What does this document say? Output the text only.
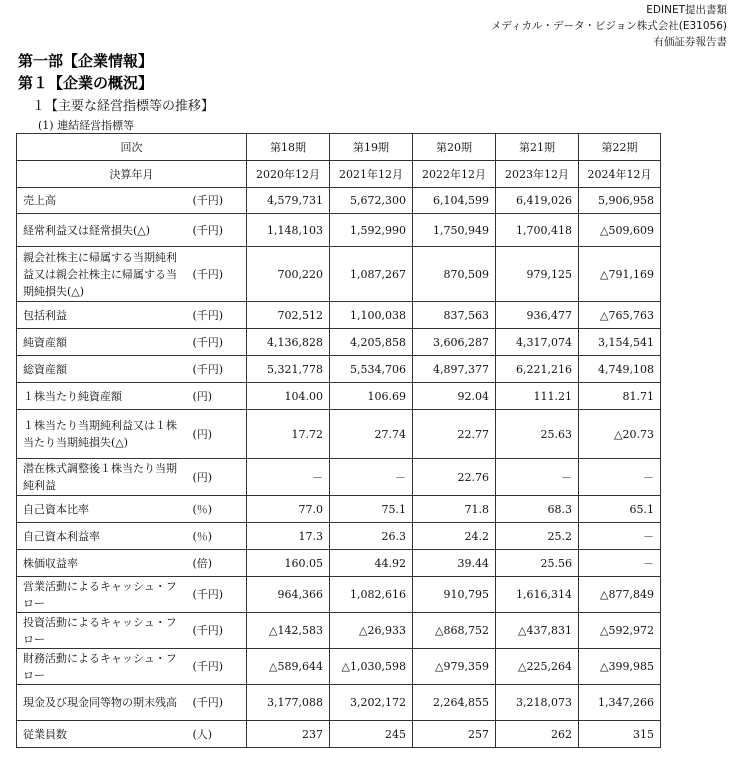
EDINET提出書類
メディカル・データ・ビジョン株式会社(E31056)
有価証券報告書
第一部【企業情報】
第１【企業の概況】
１【主要な経営指標等の推移】
(1) 連結経営指標等
回次		第18期	第19期	第20期	第21期	第22期
決算年月		2020年12月	2021年12月	2022年12月	2023年12月	2024年12月
売上高	(千円)	4,579,731	5,672,300	6,104,599	6,419,026	5,906,958
経常利益又は経常損失(△)	(千円)	1,148,103	1,592,990	1,750,949	1,700,418	△509,609
親会社株主に帰属する当期純利益又は親会社株主に帰属する当期純損失(△)	(千円)	700,220	1,087,267	870,509	979,125	△791,169
包括利益	(千円)	702,512	1,100,038	837,563	936,477	△765,763
純資産額	(千円)	4,136,828	4,205,858	3,606,287	4,317,074	3,154,541
総資産額	(千円)	5,321,778	5,534,706	4,897,377	6,221,216	4,749,108
１株当たり純資産額	(円)	104.00	106.69	92.04	111.21	81.71
１株当たり当期純利益又は１株当たり当期純損失(△)	(円)	17.72	27.74	22.77	25.63	△20.73
潜在株式調整後１株当たり当期純利益	(円)	－	－	22.76	－	－
自己資本比率	(％)	77.0	75.1	71.8	68.3	65.1
自己資本利益率	(％)	17.3	26.3	24.2	25.2	－
株価収益率	(倍)	160.05	44.92	39.44	25.56	－
営業活動によるキャッシュ・フロー	(千円)	964,366	1,082,616	910,795	1,616,314	△877,849
投資活動によるキャッシュ・フロー	(千円)	△142,583	△26,933	△868,752	△437,831	△592,972
財務活動によるキャッシュ・フロー	(千円)	△589,644	△1,030,598	△979,359	△225,264	△399,985
現金及び現金同等物の期末残高	(千円)	3,177,088	3,202,172	2,264,855	3,218,073	1,347,266
従業員数	(人)	237	245	257	262	315
